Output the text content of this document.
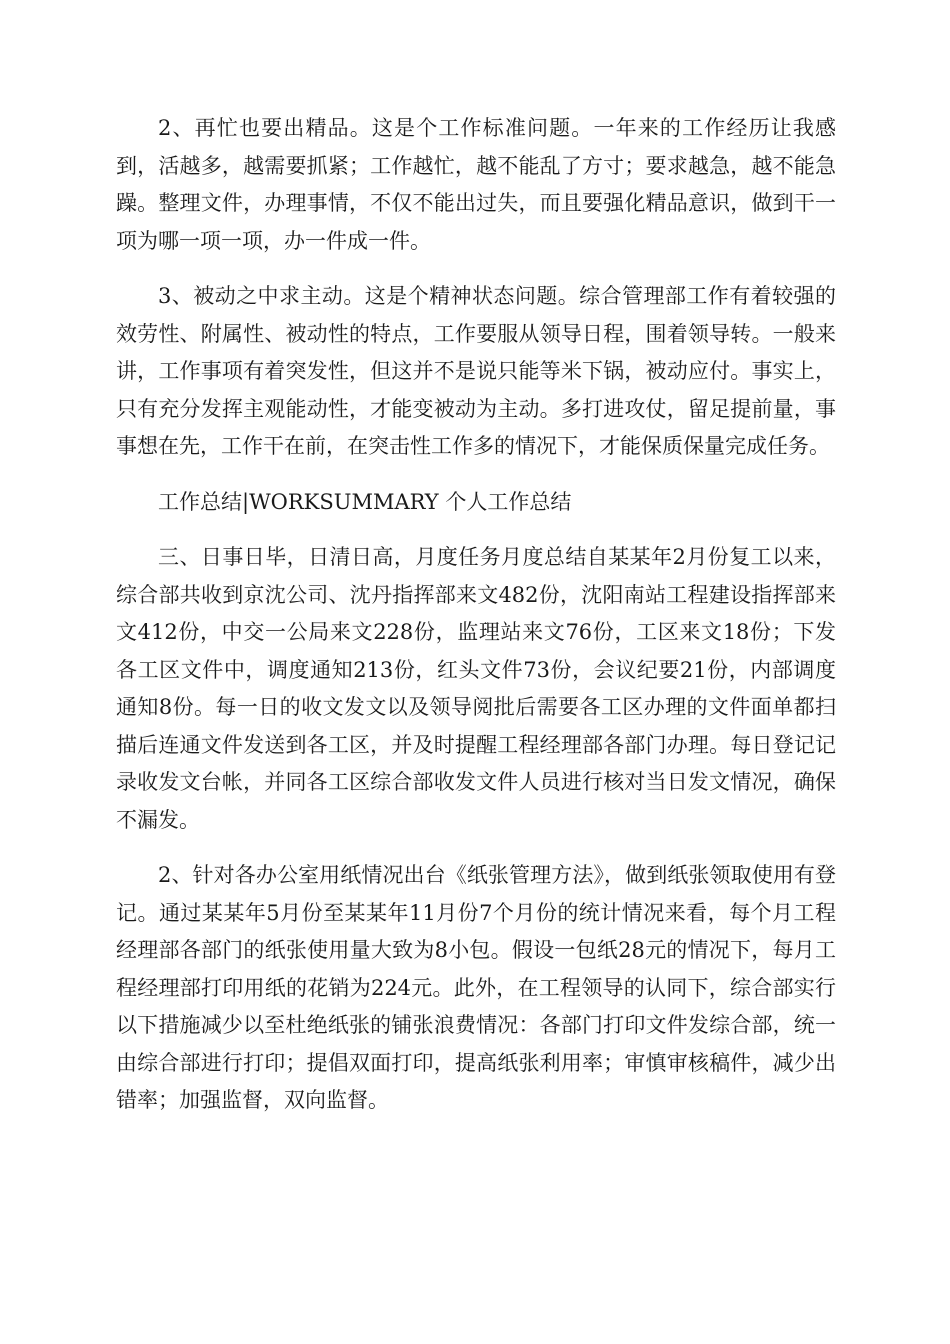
2、再忙也要出精品。这是个工作标准问题。一年来的工作经历让我感到，活越多，越需要抓紧；工作越忙，越不能乱了方寸；要求越急，越不能急躁。整理文件，办理事情，不仅不能出过失，而且要强化精品意识，做到干一项为哪一项一项，办一件成一件。

3、被动之中求主动。这是个精神状态问题。综合管理部工作有着较强的效劳性、附属性、被动性的特点，工作要服从领导日程，围着领导转。一般来讲，工作事项有着突发性，但这并不是说只能等米下锅，被动应付。事实上，只有充分发挥主观能动性，才能变被动为主动。多打进攻仗，留足提前量，事事想在先，工作干在前，在突击性工作多的情况下，才能保质保量完成任务。

工作总结|WORKSUMMARY 个人工作总结

三、日事日毕，日清日高，月度任务月度总结自某某年2月份复工以来，综合部共收到京沈公司、沈丹指挥部来文482份，沈阳南站工程建设指挥部来文412份，中交一公局来文228份，监理站来文76份，工区来文18份；下发各工区文件中，调度通知213份，红头文件73份，会议纪要21份，内部调度通知8份。每一日的收文发文以及领导阅批后需要各工区办理的文件面单都扫描后连通文件发送到各工区，并及时提醒工程经理部各部门办理。每日登记记录收发文台帐，并同各工区综合部收发文件人员进行核对当日发文情况，确保不漏发。

2、针对各办公室用纸情况出台《纸张管理方法》，做到纸张领取使用有登记。通过某某年5月份至某某年11月份7个月份的统计情况来看，每个月工程经理部各部门的纸张使用量大致为8小包。假设一包纸28元的情况下，每月工程经理部打印用纸的花销为224元。此外，在工程领导的认同下，综合部实行以下措施减少以至杜绝纸张的铺张浪费情况：各部门打印文件发综合部，统一由综合部进行打印；提倡双面打印，提高纸张利用率；审慎审核稿件，减少出错率；加强监督，双向监督。
